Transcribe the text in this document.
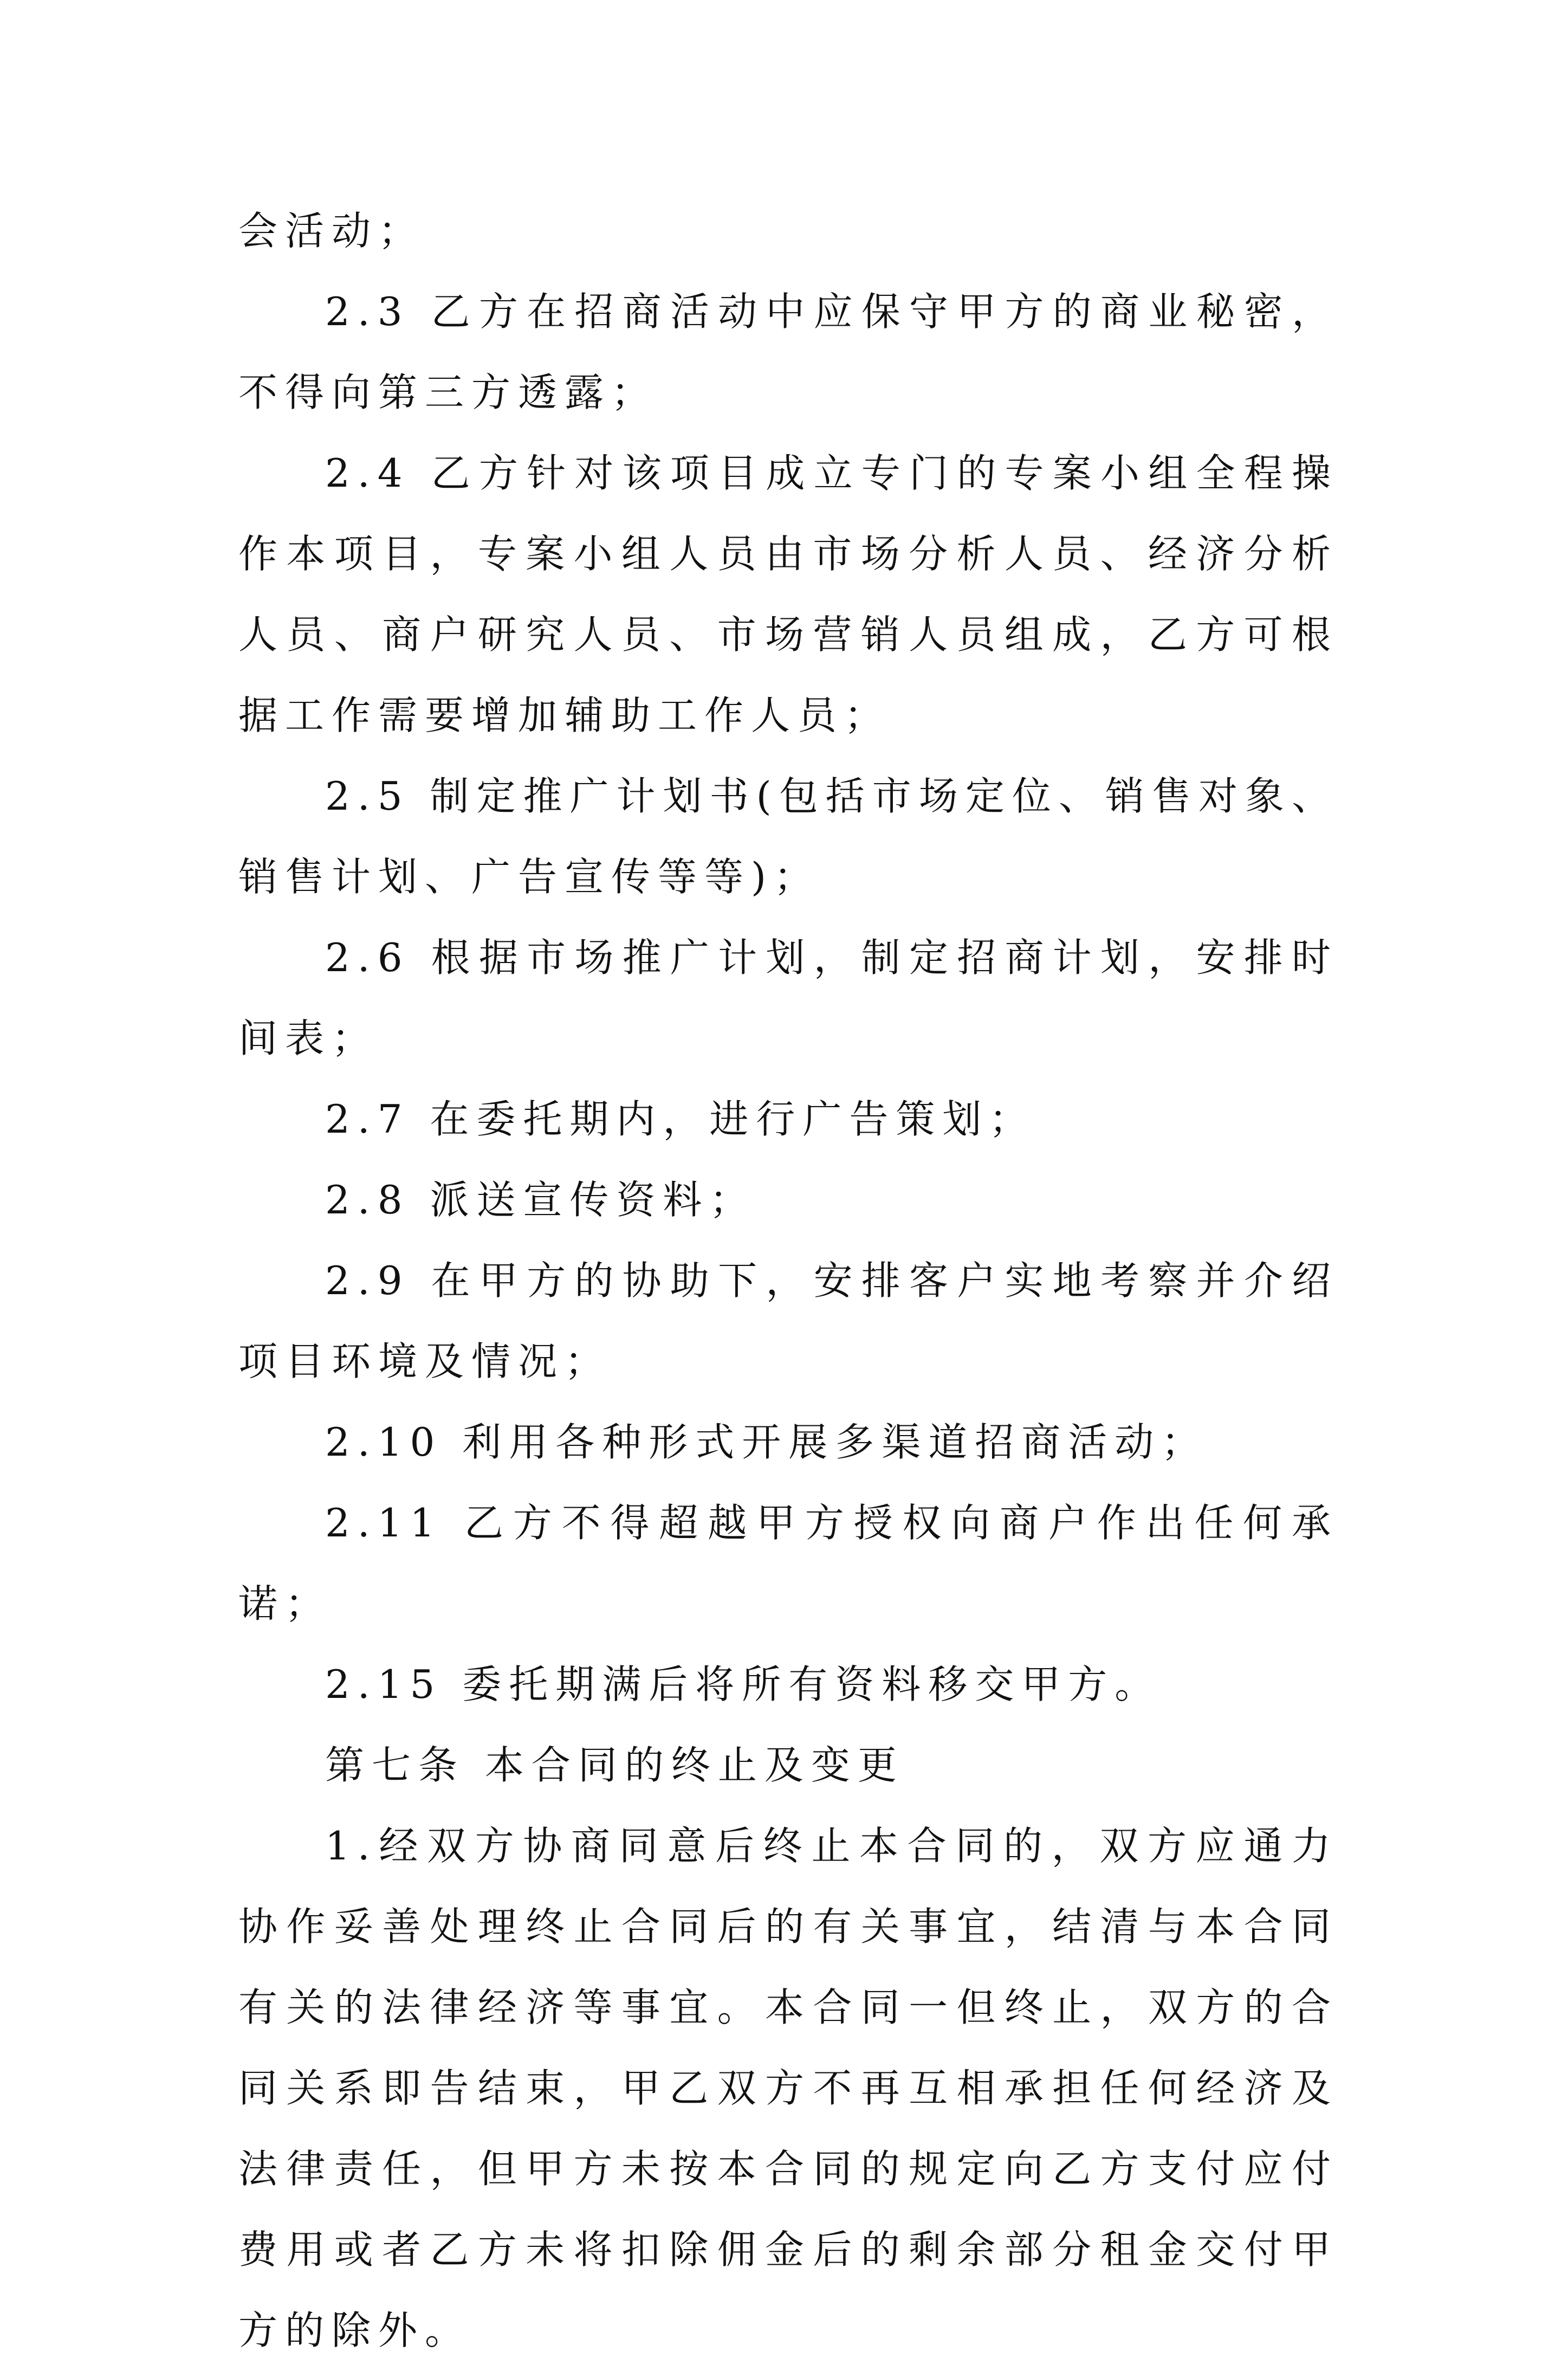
会活动；

2.3 乙方在招商活动中应保守甲方的商业秘密，不得向第三方透露；

2.4 乙方针对该项目成立专门的专案小组全程操作本项目，专案小组人员由市场分析人员、经济分析人员、商户研究人员、市场营销人员组成，乙方可根据工作需要增加辅助工作人员；

2.5 制定推广计划书(包括市场定位、销售对象、销售计划、广告宣传等等)；

2.6 根据市场推广计划，制定招商计划，安排时间表；

2.7 在委托期内，进行广告策划；

2.8 派送宣传资料；

2.9 在甲方的协助下，安排客户实地考察并介绍项目环境及情况；

2.10 利用各种形式开展多渠道招商活动；

2.11 乙方不得超越甲方授权向商户作出任何承诺；

2.15 委托期满后将所有资料移交甲方。

第七条 本合同的终止及变更

1.经双方协商同意后终止本合同的，双方应通力协作妥善处理终止合同后的有关事宜，结清与本合同有关的法律经济等事宜。本合同一但终止，双方的合同关系即告结束，甲乙双方不再互相承担任何经济及法律责任，但甲方未按本合同的规定向乙方支付应付费用或者乙方未将扣除佣金后的剩余部分租金交付甲方的除外。
